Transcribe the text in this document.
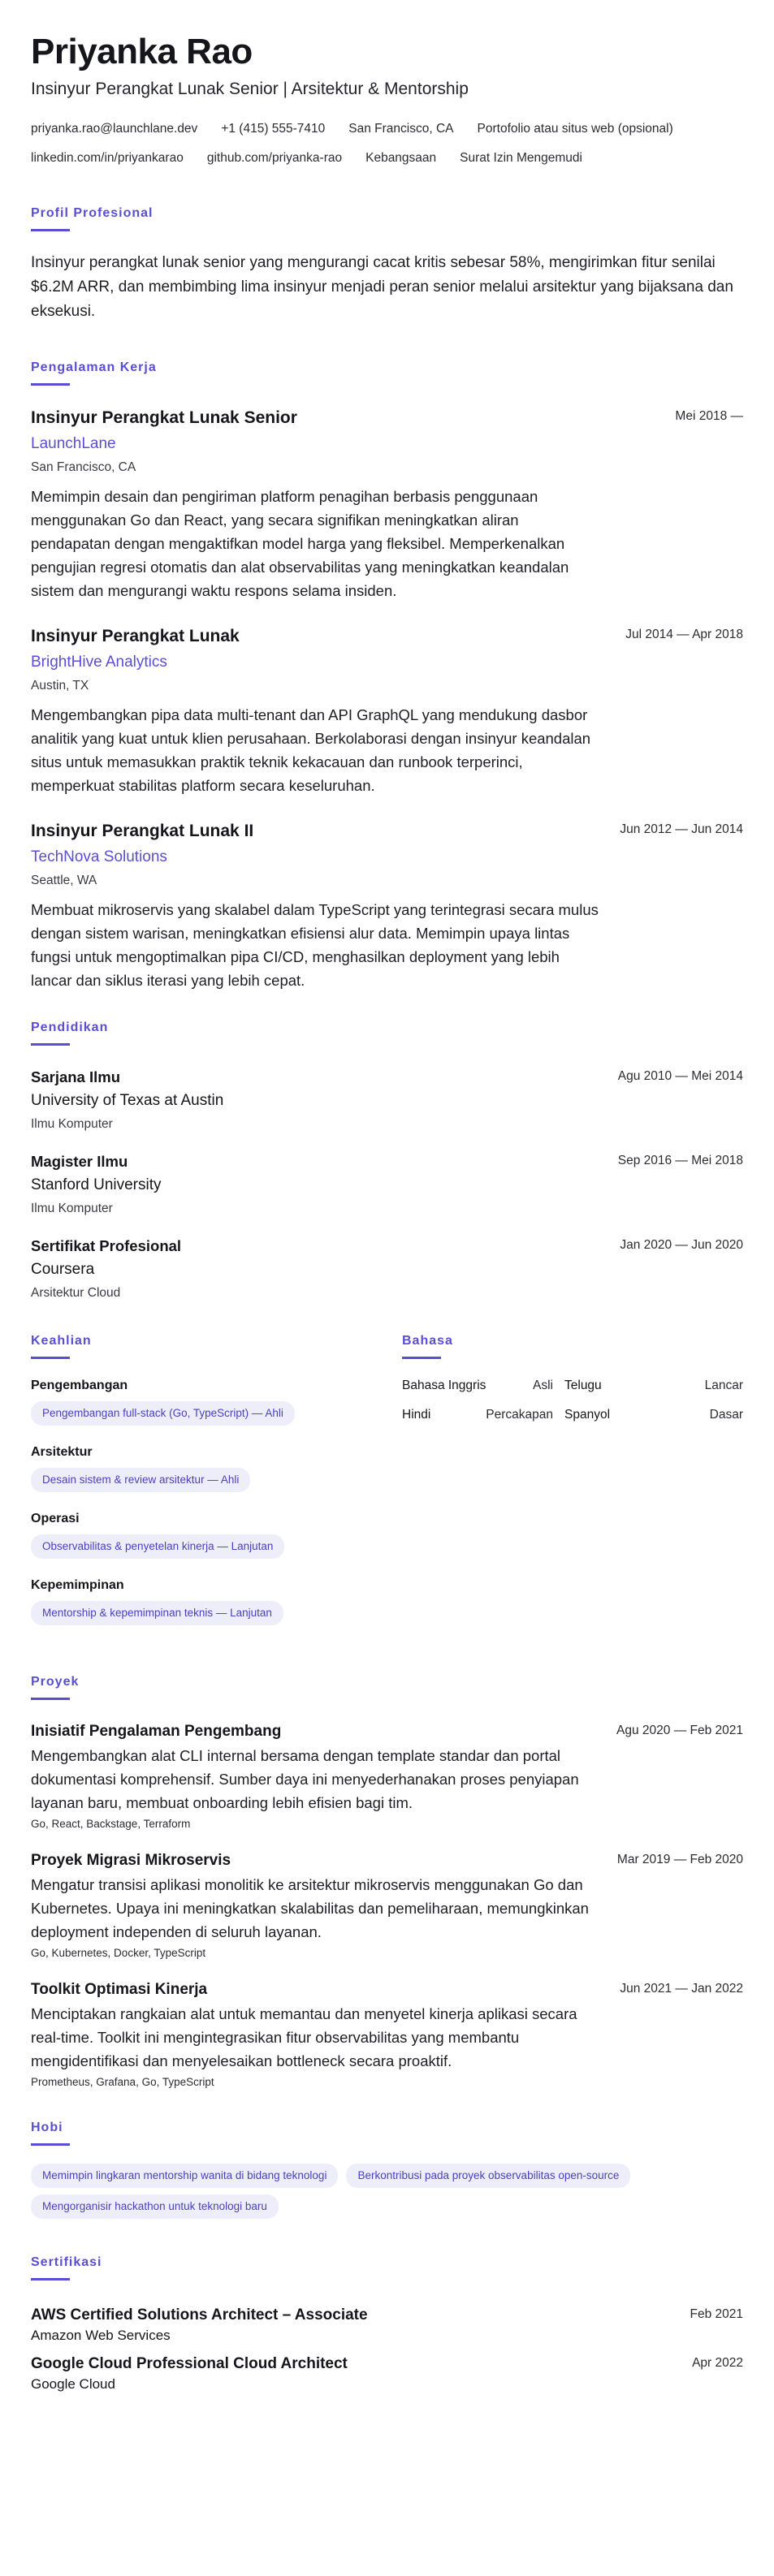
Priyanka Rao
Insinyur Perangkat Lunak Senior | Arsitektur & Mentorship
priyanka.rao@launchlane.dev +1 (415) 555-7410 San Francisco, CA Portofolio atau situs web (opsional)
linkedin.com/in/priyankarao github.com/priyanka-rao Kebangsaan Surat Izin Mengemudi
Profil Profesional

Insinyur perangkat lunak senior yang mengurangi cacat kritis sebesar 58%, mengirimkan fitur senilai $6.2M ARR, dan membimbing lima insinyur menjadi peran senior melalui arsitektur yang bijaksana dan eksekusi.

Pengalaman Kerja
Insinyur Perangkat Lunak Senior
LaunchLane
San Francisco, CA
Memimpin desain dan pengiriman platform penagihan berbasis penggunaan menggunakan Go dan React, yang secara signifikan meningkatkan aliran pendapatan dengan mengaktifkan model harga yang fleksibel. Memperkenalkan pengujian regresi otomatis dan alat observabilitas yang meningkatkan keandalan sistem dan mengurangi waktu respons selama insiden.
Mei 2018 —
Insinyur Perangkat Lunak
BrightHive Analytics
Austin, TX
Mengembangkan pipa data multi-tenant dan API GraphQL yang mendukung dasbor analitik yang kuat untuk klien perusahaan. Berkolaborasi dengan insinyur keandalan situs untuk memasukkan praktik teknik kekacauan dan runbook terperinci, memperkuat stabilitas platform secara keseluruhan.
Jul 2014 — Apr 2018
Insinyur Perangkat Lunak II
TechNova Solutions
Seattle, WA
Membuat mikroservis yang skalabel dalam TypeScript yang terintegrasi secara mulus dengan sistem warisan, meningkatkan efisiensi alur data. Memimpin upaya lintas fungsi untuk mengoptimalkan pipa CI/CD, menghasilkan deployment yang lebih lancar dan siklus iterasi yang lebih cepat.
Jun 2012 — Jun 2014
Pendidikan
Sarjana Ilmu
University of Texas at Austin
Ilmu Komputer
Agu 2010 — Mei 2014
Magister Ilmu
Stanford University
Ilmu Komputer
Sep 2016 — Mei 2018
Sertifikat Profesional
Coursera
Arsitektur Cloud
Jan 2020 — Jun 2020
Keahlian
Pengembangan
Pengembangan full-stack (Go, TypeScript) — Ahli
Arsitektur
Desain sistem & review arsitektur — Ahli
Operasi
Observabilitas & penyetelan kinerja — Lanjutan
Kepemimpinan
Mentorship & kepemimpinan teknis — Lanjutan
Bahasa
Bahasa Inggris	Asli Telugu	Lancar
Hindi	Percakapan Spanyol	Dasar
Proyek
Inisiatif Pengalaman Pengembang
Mengembangkan alat CLI internal bersama dengan template standar dan portal dokumentasi komprehensif. Sumber daya ini menyederhanakan proses penyiapan layanan baru, membuat onboarding lebih efisien bagi tim.
Go, React, Backstage, Terraform
Agu 2020 — Feb 2021
Proyek Migrasi Mikroservis
Mengatur transisi aplikasi monolitik ke arsitektur mikroservis menggunakan Go dan Kubernetes. Upaya ini meningkatkan skalabilitas dan pemeliharaan, memungkinkan deployment independen di seluruh layanan.
Go, Kubernetes, Docker, TypeScript
Mar 2019 — Feb 2020
Toolkit Optimasi Kinerja
Menciptakan rangkaian alat untuk memantau dan menyetel kinerja aplikasi secara real-time. Toolkit ini mengintegrasikan fitur observabilitas yang membantu mengidentifikasi dan menyelesaikan bottleneck secara proaktif.
Prometheus, Grafana, Go, TypeScript
Jun 2021 — Jan 2022
Hobi
Memimpin lingkaran mentorship wanita di bidang teknologi	Berkontribusi pada proyek observabilitas open-source
Mengorganisir hackathon untuk teknologi baru
Sertifikasi
AWS Certified Solutions Architect – Associate
Amazon Web Services
Feb 2021
Google Cloud Professional Cloud Architect
Google Cloud
Apr 2022
